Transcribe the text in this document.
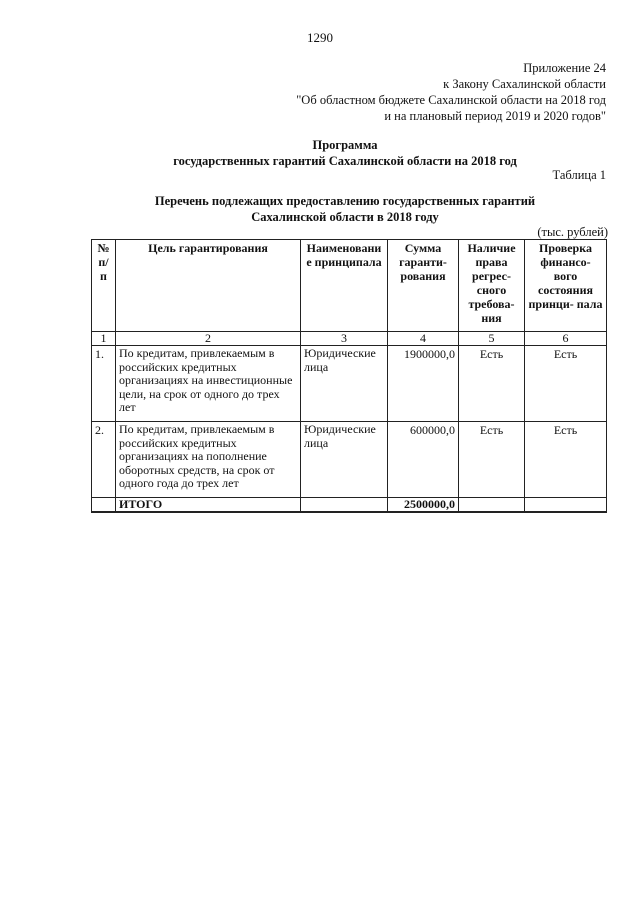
1290
Приложение 24
к Закону Сахалинской области
"Об областном бюджете Сахалинской области на 2018 год
и на плановый период 2019 и 2020 годов"
Программа
государственных гарантий Сахалинской области на 2018 год
Таблица 1
Перечень подлежащих предоставлению государственных гарантий
Сахалинской области в 2018 году
(тыс. рублей)
№ п/п	Цель гарантирования	Наименовани е принципала	Сумма гаранти- рования	Наличие права регрес- сного требова- ния	Проверка финансо- вого состояния принци- пала
1	2	3	4	5	6
1.	По кредитам, привлекаемым в российских кредитных организациях на инвестиционные цели, на срок от одного до трех лет	Юридические лица	1900000,0	Есть	Есть
2.	По кредитам, привлекаемым в российских кредитных организациях на пополнение оборотных средств, на срок от одного года до трех лет	Юридические лица	600000,0	Есть	Есть
	ИТОГО		2500000,0		
